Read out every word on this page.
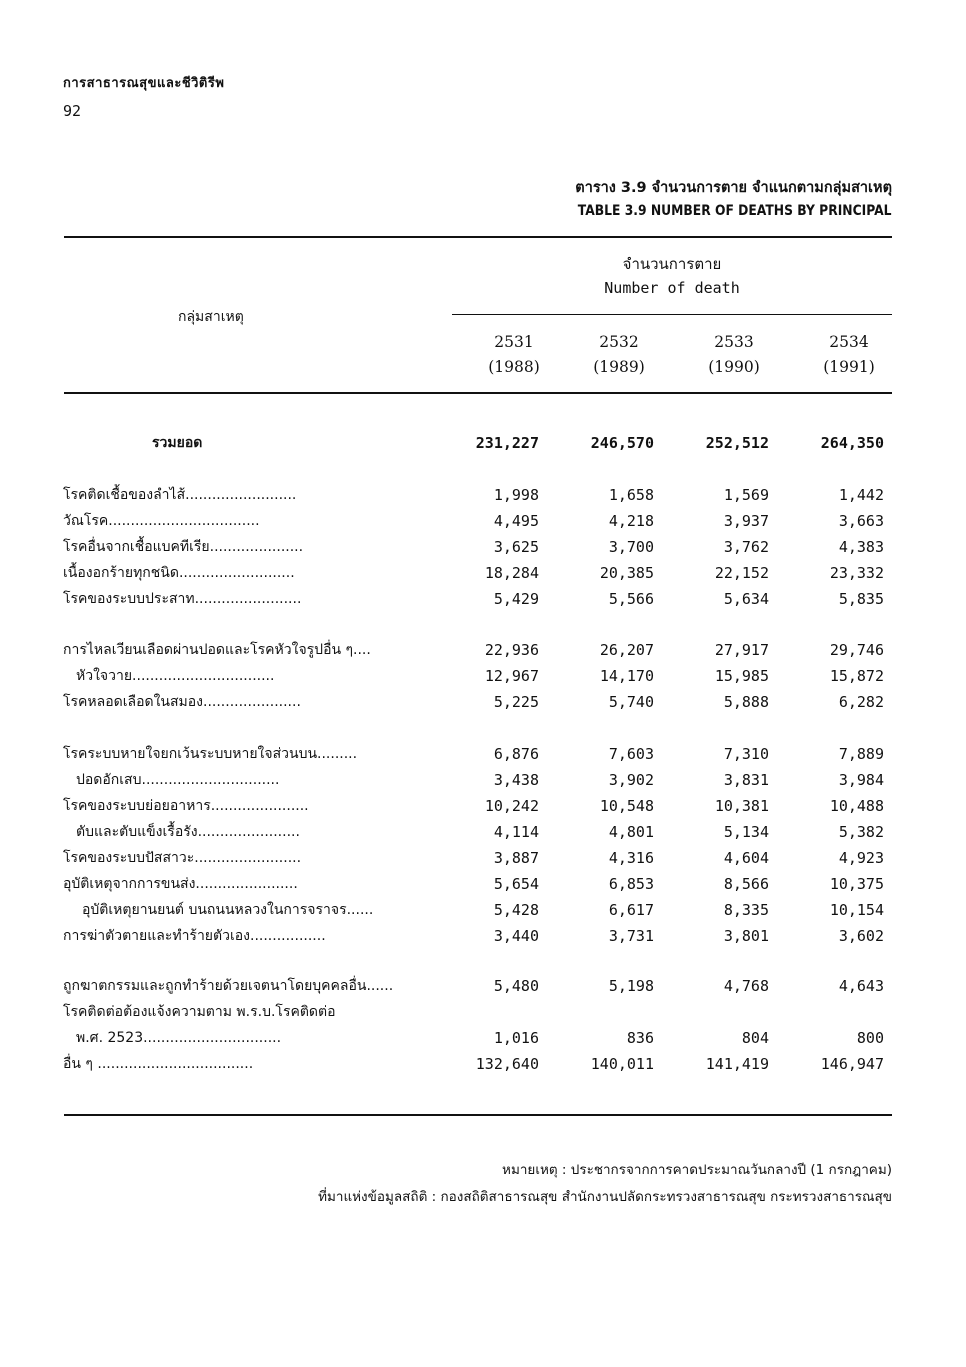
การสาธารณสุขและชีวิติรีพ
92
ตาราง 3.9 จำนวนการตาย จำแนกตามกลุ่มสาเหตุ
TABLE 3.9 NUMBER OF DEATHS BY PRINCIPAL
จำนวนการตาย
Number of death
กลุ่มสาเหตุ
2531
(1988)
2532
(1989)
2533
(1990)
2534
(1991)
รวมยอด	231,227	246,570	252,512	264,350
โรคติดเชื้อของลำไส้.........................	1,998	1,658	1,569	1,442
วัณโรค..................................	4,495	4,218	3,937	3,663
โรคอื่นจากเชื้อแบคทีเรีย.....................	3,625	3,700	3,762	4,383
เนื้องอกร้ายทุกชนิด..........................	18,284	20,385	22,152	23,332
โรคของระบบประสาท........................	5,429	5,566	5,634	5,835
การไหลเวียนเลือดผ่านปอดและโรคหัวใจรูปอื่น ๆ....	22,936	26,207	27,917	29,746
หัวใจวาย................................	12,967	14,170	15,985	15,872
โรคหลอดเลือดในสมอง......................	5,225	5,740	5,888	6,282
โรคระบบหายใจยกเว้นระบบหายใจส่วนบน.........	6,876	7,603	7,310	7,889
ปอดอักเสบ...............................	3,438	3,902	3,831	3,984
โรคของระบบย่อยอาหาร......................	10,242	10,548	10,381	10,488
ตับและตับแข็งเรื้อรัง.......................	4,114	4,801	5,134	5,382
โรคของระบบปัสสาวะ........................	3,887	4,316	4,604	4,923
อุบัติเหตุจากการขนส่ง.......................	5,654	6,853	8,566	10,375
อุบัติเหตุยานยนต์ บนถนนหลวงในการจราจร......	5,428	6,617	8,335	10,154
การฆ่าตัวตายและทำร้ายตัวเอง.................	3,440	3,731	3,801	3,602
ถูกฆาตกรรมและถูกทำร้ายด้วยเจตนาโดยบุคคลอื่น......	5,480	5,198	4,768	4,643
โรคติดต่อต้องแจ้งความตาม พ.ร.บ.โรคติดต่อ
พ.ศ. 2523...............................	1,016	836	804	800
อื่น ๆ ...................................	132,640	140,011	141,419	146,947
หมายเหตุ : ประชากรจากการคาดประมาณวันกลางปี (1 กรกฎาคม)
ที่มาแห่งข้อมูลสถิติ : กองสถิติสาธารณสุข สำนักงานปลัดกระทรวงสาธารณสุข กระทรวงสาธารณสุข
